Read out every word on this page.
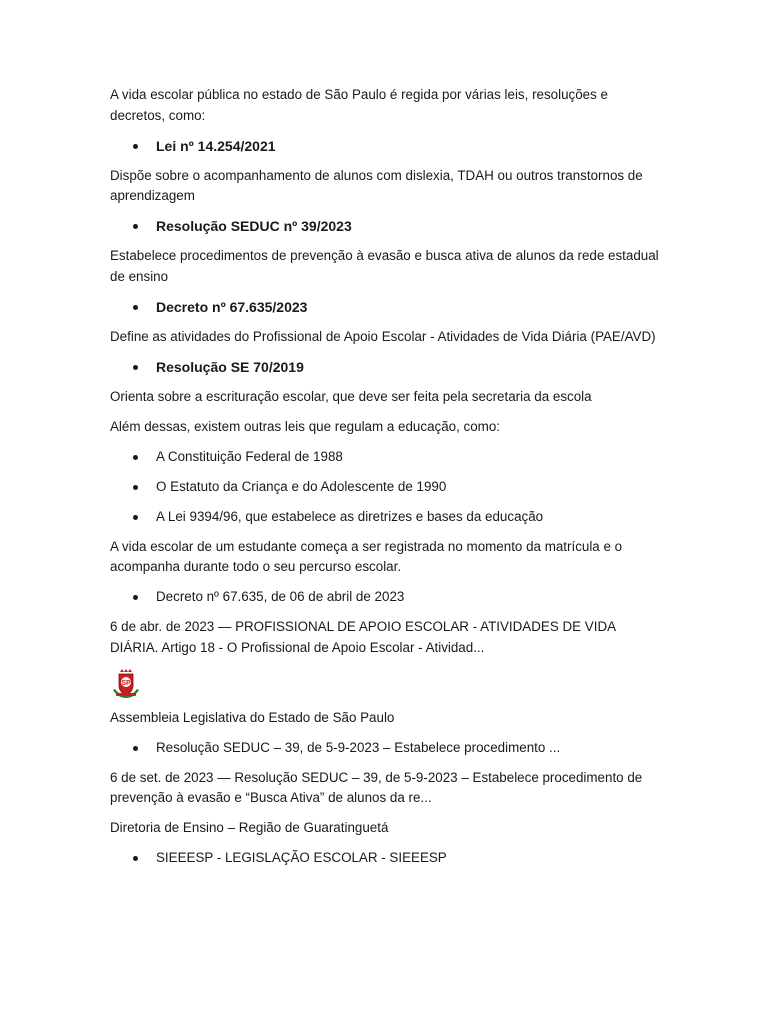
A vida escolar pública no estado de São Paulo é regida por várias leis, resoluções e decretos, como:

Lei nº 14.254/2021

Dispõe sobre o acompanhamento de alunos com dislexia, TDAH ou outros transtornos de aprendizagem

Resolução SEDUC nº 39/2023

Estabelece procedimentos de prevenção à evasão e busca ativa de alunos da rede estadual de ensino

Decreto nº 67.635/2023

Define as atividades do Profissional de Apoio Escolar - Atividades de Vida Diária (PAE/AVD)

Resolução SE 70/2019

Orienta sobre a escrituração escolar, que deve ser feita pela secretaria da escola

Além dessas, existem outras leis que regulam a educação, como:

A Constituição Federal de 1988
O Estatuto da Criança e do Adolescente de 1990
A Lei 9394/96, que estabelece as diretrizes e bases da educação

A vida escolar de um estudante começa a ser registrada no momento da matrícula e o acompanha durante todo o seu percurso escolar.

Decreto nº 67.635, de 06 de abril de 2023

6 de abr. de 2023 — PROFISSIONAL DE APOIO ESCOLAR - ATIVIDADES DE VIDA DIÁRIA. Artigo 18 - O Profissional de Apoio Escolar - Atividad...

SP

Assembleia Legislativa do Estado de São Paulo

Resolução SEDUC – 39, de 5-9-2023 – Estabelece procedimento ...

6 de set. de 2023 — Resolução SEDUC – 39, de 5-9-2023 – Estabelece procedimento de prevenção à evasão e “Busca Ativa” de alunos da re...

Diretoria de Ensino – Região de Guaratinguetá

SIEEESP - LEGISLAÇÃO ESCOLAR - SIEEESP
